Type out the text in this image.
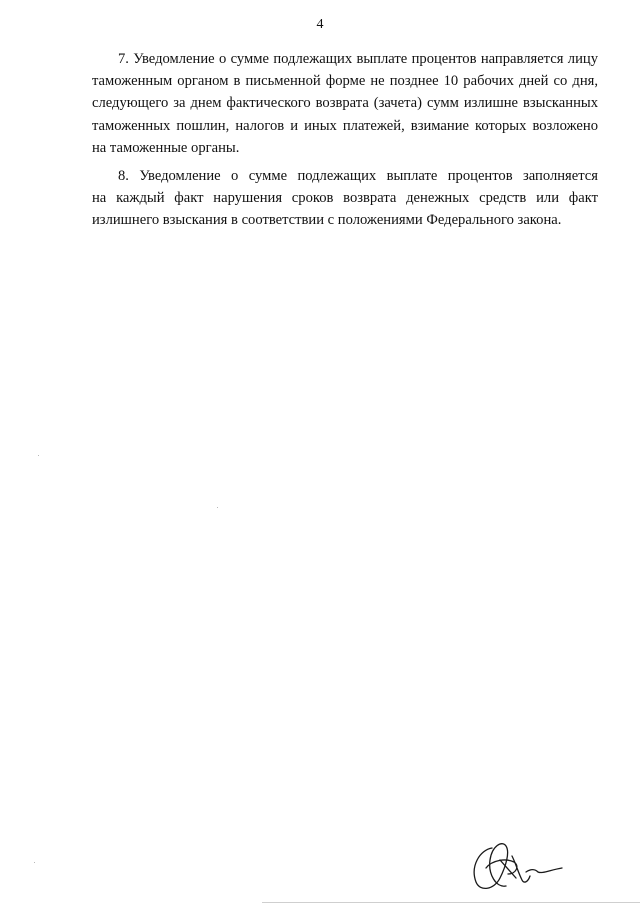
4

7. Уведомление о сумме подлежащих выплате процентов направляется лицу
таможенным органом в письменной форме не позднее 10 рабочих дней со дня,
следующего за днем фактического возврата (зачета) сумм излишне взысканных
таможенных пошлин, налогов и иных платежей, взимание которых возложено
на таможенные органы.

8. Уведомление о сумме подлежащих выплате процентов заполняется
на каждый факт нарушения сроков возврата денежных средств или факт
излишнего взыскания в соответствии с положениями Федерального закона.
